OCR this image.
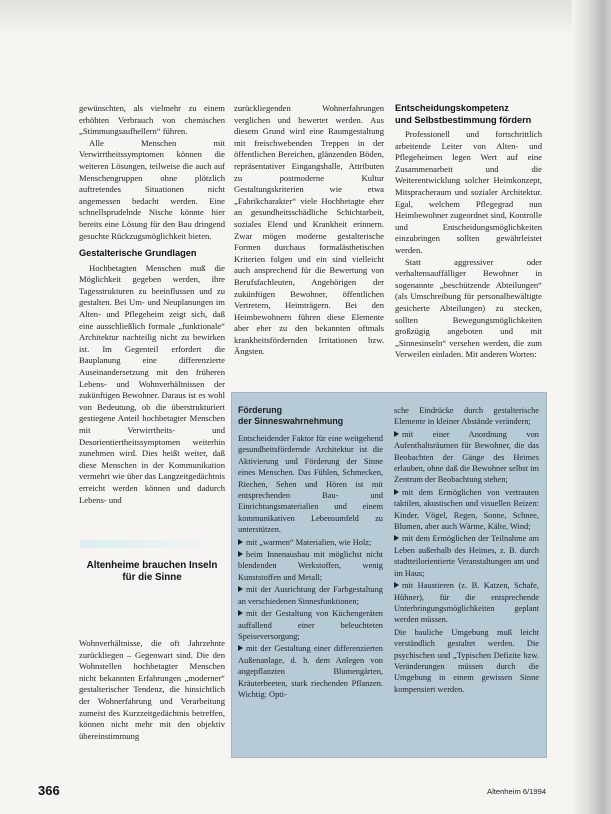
gewünschten, als vielmehr zu einem erhöhten Verbrauch von chemischen „Stimmungsaufhellern“ führen.

Alle Menschen mit Verwirrtheitssymptomen können die weiteren Lösungen, teilweise die auch auf Menschengruppen ohne plötzlich auftretendes Situationen nicht angemessen bedacht werden. Eine schnellsprudelnde Nische könnte hier bereits eine Lösung für den Bau dringend gesuchte Rückzugsmöglichkeit bieten.

Gestalterische Grundlagen

Hochbetagten Menschen muß die Möglichkeit gegeben werden, ihre Tagesstrukturen zu beeinflussen und zu gestalten. Bei Um- und Neuplanungen im Alten- und Pflegeheim zeigt sich, daß eine ausschließlich formale „funktionale“ Architektur nachteilig nicht zu bewirken ist. Im Gegenteil erfordert die Bauplanung eine differenzierte Auseinandersetzung mit den früheren Lebens- und Wohnverhältnissen der zukünftigen Bewohner. Daraus ist es wohl von Bedeutung, ob die überstrukturiert gestiegene Anteil hochbetagter Menschen mit Verwirrtheits- und Desorientiertheitssymptomen weiterhin zunehmen wird. Dies heißt weiter, daß diese Menschen in der Kommunikation vermehrt wie über das Langzeitgedächtnis erreicht werden können und dadurch Lebens- und

Altenheime brauchen Inseln
für die Sinne

Wohnverhältnisse, die oft Jahrzehnte zurückliegen – Gegenwart sind. Die den Wohnstellen hochbetagter Menschen nicht bekannten Erfahrungen „moderner“ gestalterischer Tendenz, die hinsichtlich der Wohnerfahrung und Verarbeitung zumeist des Kurzzeitgedächtnis betreffen, können nicht mehr mit den objektiv übereinstimmung

zurückliegenden Wohnerfahrungen verglichen und bewertet werden. Aus diesem Grund wird eine Raumgestaltung mit freischwebenden Treppen in der öffentlichen Bereichen, glänzenden Böden, repräsentativer Eingangshalle, Attributen zu postmoderne Kultur Gestaltungskriterien wie etwa „Fabrikcharakter“ viele Hochbetagte eher an gesundheitsschädliche Schichtarbeit, soziales Elend und Krankheit erinnern. Zwar mögen moderne gestalterische Formen durchaus formalästhetischen Kriterien folgen und ein sind vielleicht auch ansprechend für die Bewertung von Berufsfachleuten, Angehörigen der zukünftigen Bewohner, öffentlichen Vertretern, Heimträgern. Bei den Heimbewohnern führen diese Elemente aber eher zu den bekannten oftmals krankheitsfördernden Irritationen bzw. Ängsten.

Entscheidungskompetenz
und Selbstbestimmung fördern

Professionell und fortschrittlich arbeitende Leiter von Alten- und Pflegeheimen legen Wert auf eine Zusammenarbeit und die Weiterentwicklung solcher Heimkonzept, Mitspracheraum und sozialer Architektur. Egal, welchem Pflegegrad nun Heimbewohner zugeordnet sind, Kontrolle und Entscheidungsmöglichkeiten einzubringen sollten gewährleistet werden.

Statt aggressiver oder verhaltensauffälliger Bewohner in sogenannte „beschützende Abteilungen“ (als Umschreibung für personalbewältigte gesicherte Abteilungen) zu stecken, sollten Bewegungsmöglichkeiten großzügig angeboten und mit „Sinnesinseln“ versehen werden, die zum Verweilen einladen. Mit anderen Worten:

Förderung
der Sinneswahrnehmung

Entscheidender Faktor für eine weitgehend gesundheitsfördernde Architektur ist die Aktivierung und Förderung der Sinne eines Menschen. Das Fühlen, Schmecken, Riechen, Sehen und Hören ist mit entsprechenden Bau- und Einrichtungsmaterialien und einem kommunikativen Lebensumfeld zu unterstützen.

mit „warmen“ Materialien, wie Holz;

beim Innenausbau mit möglichst nicht blendenden Werkstoffen, wenig Kunststoffen und Metall;

mit der Ausrichtung der Farbgestaltung an verschiedenen Sinnesfunktionen;

mit der Gestaltung von Küchengeräten auffallend einer beleuchteten Speiseversorgung;

mit der Gestaltung einer differenzierten Außenanlage, d. h. dem Anlegen von angepflanzten Blumengärten, Kräuterbeeten, stark riechenden Pflanzen. Wichtig: Opti-

sche Eindrücke durch gestalterische Elemente in kleiner Abstände verändern;

mit einer Anordnung von Aufenthaltsräumen für Bewohner, die das Beobachten der Gänge des Heimes erlauben, ohne daß die Bewohner selbst im Zentrum der Beobachtung stehen;

mit dem Ermöglichen von vertrauten taktilen, akustischen und visuellen Reizen: Kinder, Vögel, Regen, Sonne, Schnee, Blumen, aber auch Wärme, Kälte, Wind;

mit dem Ermöglichen der Teilnahme am Leben außerhalb des Heimes, z. B. durch stadtteilorientierte Veranstaltungen am und im Haus;

mit Haustieren (z. B. Katzen, Schafe, Hühner), für die entsprechende Unterbringungsmöglichkeiten geplant werden müssen.

Die bauliche Umgebung muß leicht verständlich gestaltet werden. Die psychischen und „Typischen Defizite bzw. Veränderungen müssen durch die Umgebung in einem gewissen Sinne kompensiert werden.

366	Altenheim 6/1994
